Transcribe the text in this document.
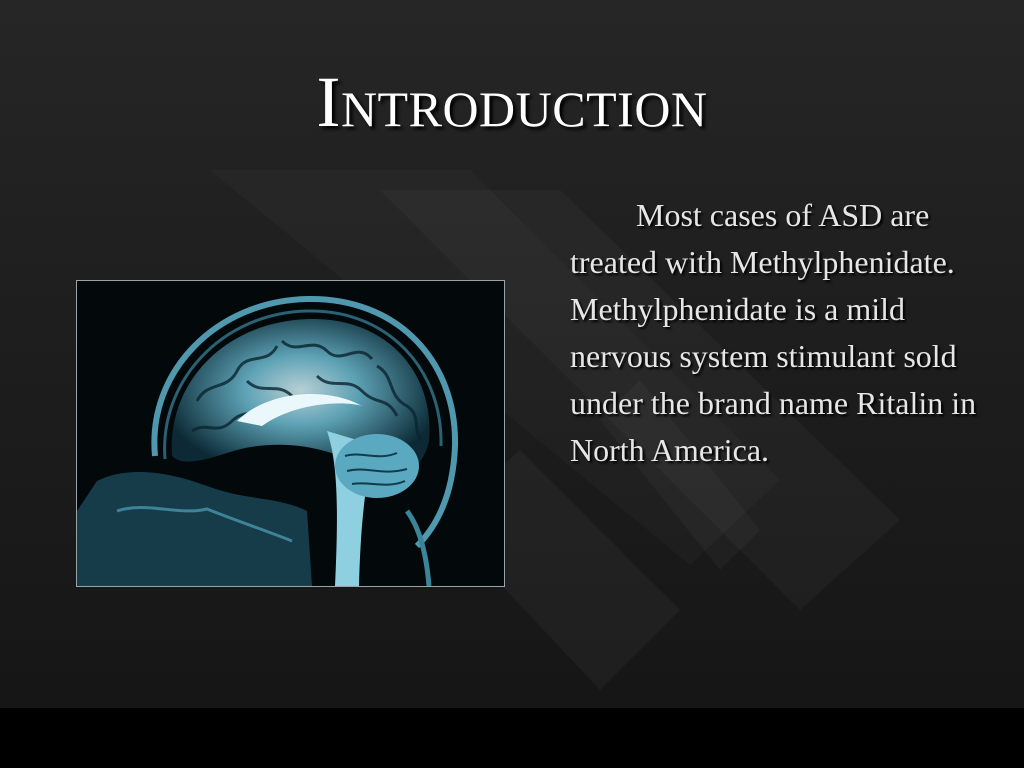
Introduction

Most cases of ASD are treated with Methylphenidate. Methylphenidate is a mild nervous system stimulant sold under the brand name Ritalin in North America.
